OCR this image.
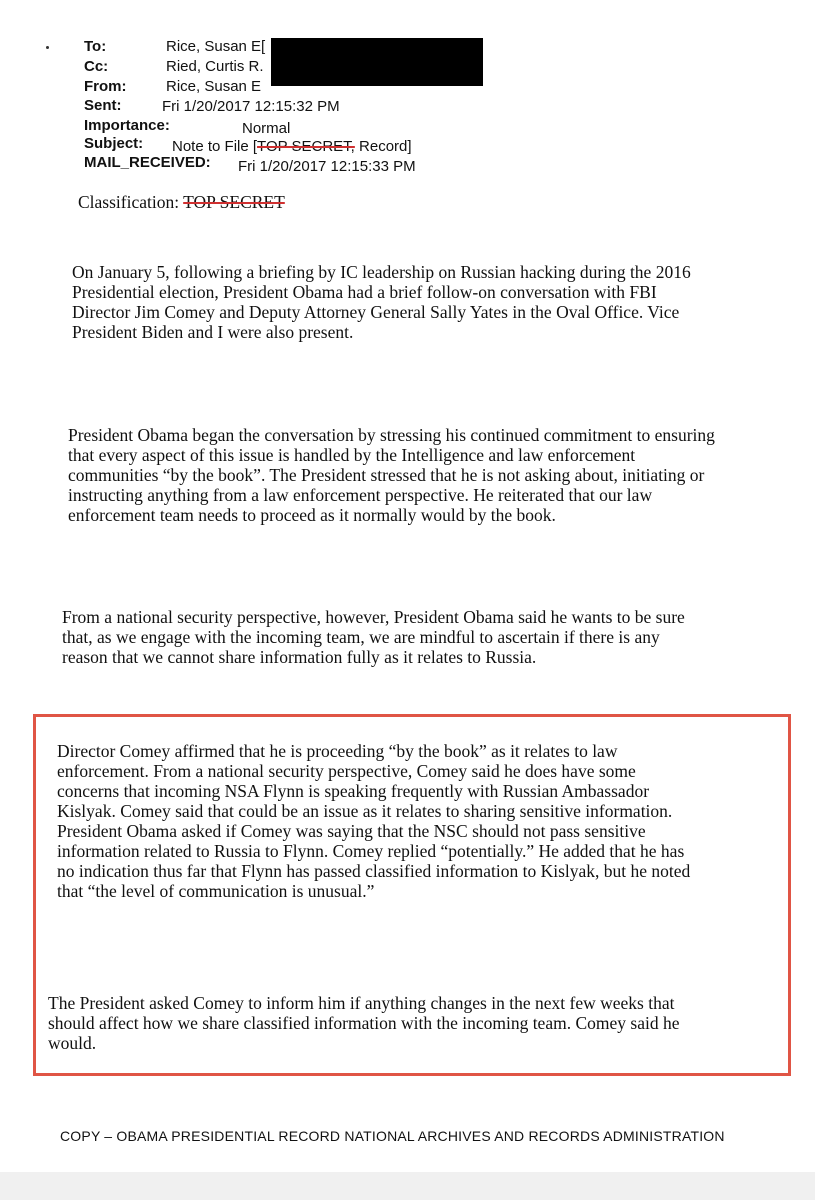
To:	Rice, Susan E[
Cc:	Ried, Curtis R.
From:	Rice, Susan E
Sent:	Fri 1/20/2017 12:15:32 PM
Importance:	Normal
Subject: Note to File [TOP SECRET, Record]
MAIL_RECEIVED: Fri 1/20/2017 12:15:33 PM
Classification: TOP SECRET
On January 5, following a briefing by IC leadership on Russian hacking during the 2016
Presidential election, President Obama had a brief follow-on conversation with FBI
Director Jim Comey and Deputy Attorney General Sally Yates in the Oval Office. Vice
President Biden and I were also present.
President Obama began the conversation by stressing his continued commitment to ensuring
that every aspect of this issue is handled by the Intelligence and law enforcement
communities “by the book”. The President stressed that he is not asking about, initiating or
instructing anything from a law enforcement perspective. He reiterated that our law
enforcement team needs to proceed as it normally would by the book.
From a national security perspective, however, President Obama said he wants to be sure
that, as we engage with the incoming team, we are mindful to ascertain if there is any
reason that we cannot share information fully as it relates to Russia.
Director Comey affirmed that he is proceeding “by the book” as it relates to law
enforcement. From a national security perspective, Comey said he does have some
concerns that incoming NSA Flynn is speaking frequently with Russian Ambassador
Kislyak. Comey said that could be an issue as it relates to sharing sensitive information.
President Obama asked if Comey was saying that the NSC should not pass sensitive
information related to Russia to Flynn. Comey replied “potentially.” He added that he has
no indication thus far that Flynn has passed classified information to Kislyak, but he noted
that “the level of communication is unusual.”
The President asked Comey to inform him if anything changes in the next few weeks that
should affect how we share classified information with the incoming team. Comey said he
would.
COPY – OBAMA PRESIDENTIAL RECORD NATIONAL ARCHIVES AND RECORDS ADMINISTRATION
